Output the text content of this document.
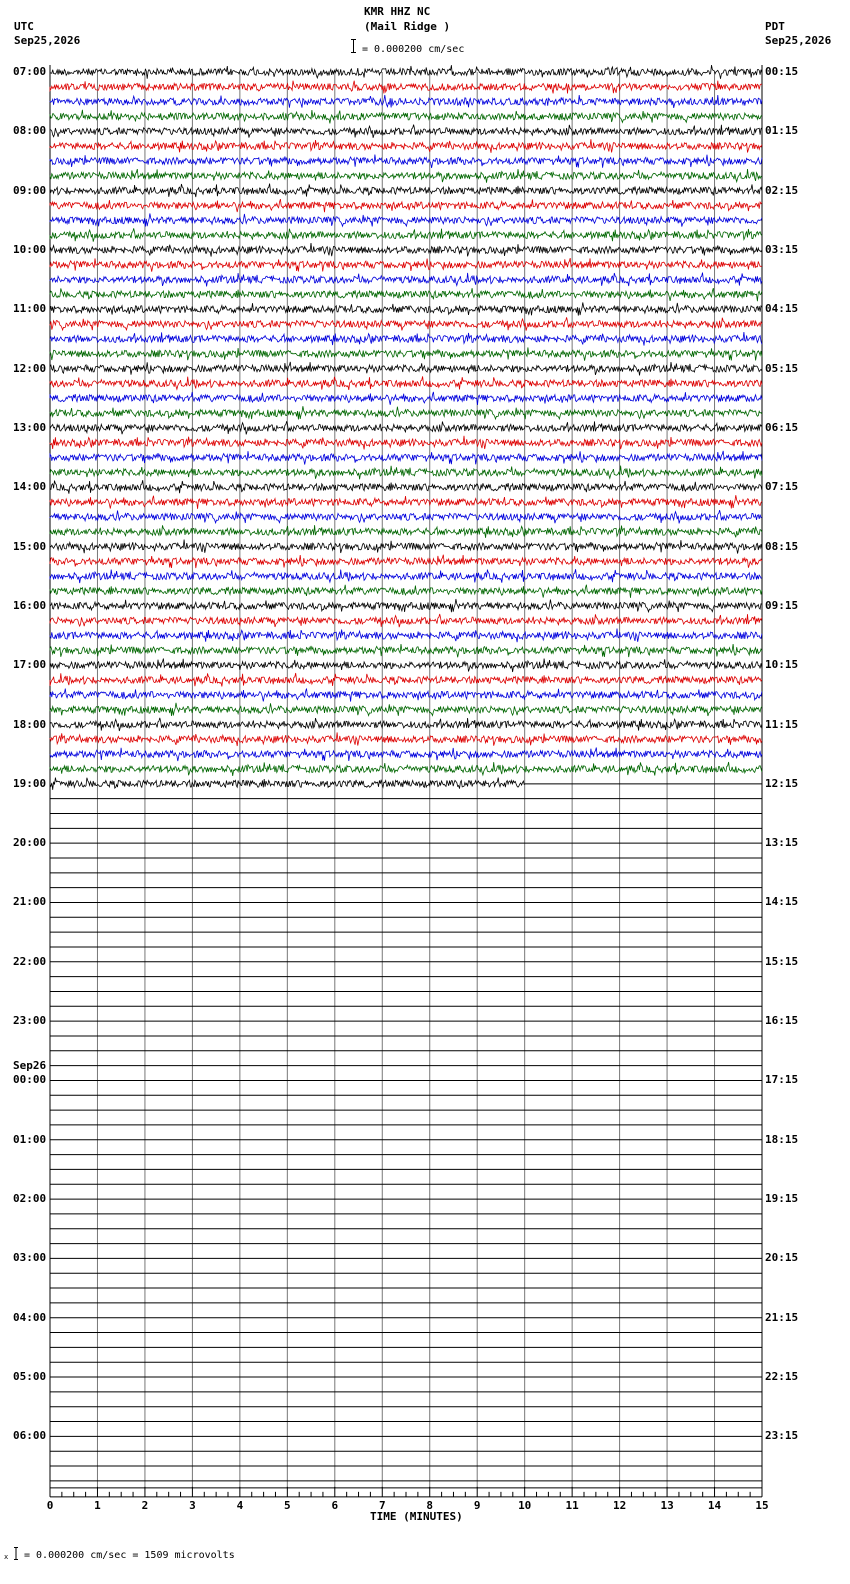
KMR HHZ NC
(Mail Ridge )
= 0.000200 cm/sec
UTC
Sep25,2026
PDT
Sep25,2026
07:00
08:00
09:00
10:00
11:00
12:00
13:00
14:00
15:00
16:00
17:00
18:00
19:00
20:00
21:00
22:00
23:00
00:00
Sep26
01:00
02:00
03:00
04:00
05:00
06:00
00:15
01:15
02:15
03:15
04:15
05:15
06:15
07:15
08:15
09:15
10:15
11:15
12:15
13:15
14:15
15:15
16:15
17:15
18:15
19:15
20:15
21:15
22:15
23:15
0	1	2	3	4	5	6	7	8	9	10	11	12	13	14	15
TIME (MINUTES)
x = 0.000200 cm/sec = 1509 microvolts
